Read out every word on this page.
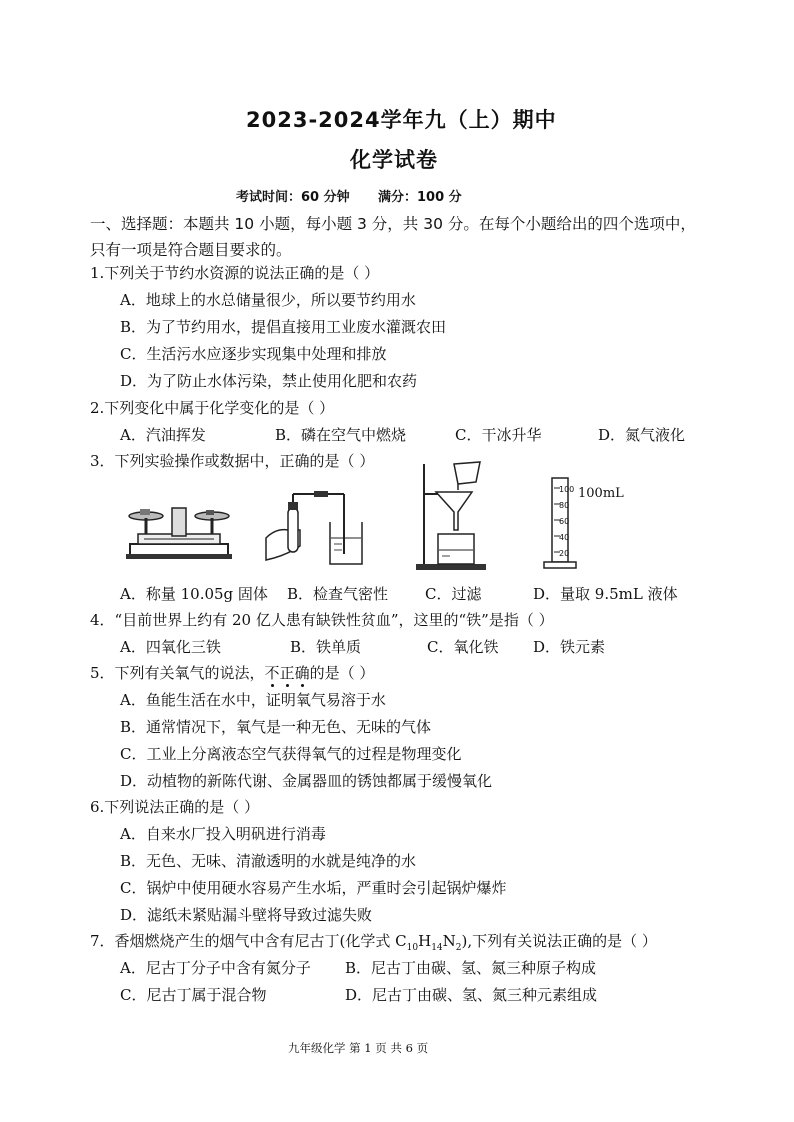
2023-2024学年九（上）期中
化学试卷
考试时间：60 分钟 满分：100 分
一、选择题：本题共 10 小题，每小题 3 分，共 30 分。在每个小题给出的四个选项中，
只有一项是符合题目要求的。
1.下列关于节约水资源的说法正确的是（ ）
A．地球上的水总储量很少，所以要节约用水
B．为了节约用水，提倡直接用工业废水灌溉农田
C．生活污水应逐步实现集中处理和排放
D．为了防止水体污染，禁止使用化肥和农药
2.下列变化中属于化学变化的是（ ）
A．汽油挥发	B．磷在空气中燃烧	C．干冰升华	D．氮气液化
3．下列实验操作或数据中，正确的是（ ）
100
80
60
40
20
100mL
A．称量 10.05g 固体 B．检查气密性 C．过滤	D．量取 9.5mL 液体
4．“目前世界上约有 20 亿人患有缺铁性贫血”，这里的“铁”是指（ ）
A．四氧化三铁	B．铁单质	C．氧化铁 D．铁元素
5．下列有关氧气的说法，不正确的是（ ）
A．鱼能生活在水中，证明氧气易溶于水
B．通常情况下，氧气是一种无色、无味的气体
C．工业上分离液态空气获得氧气的过程是物理变化
D．动植物的新陈代谢、金属器皿的锈蚀都属于缓慢氧化
6.下列说法正确的是（ ）
A．自来水厂投入明矾进行消毒
B．无色、无味、清澈透明的水就是纯净的水
C．锅炉中使用硬水容易产生水垢，严重时会引起锅炉爆炸
D．滤纸未紧贴漏斗壁将导致过滤失败
7．香烟燃烧产生的烟气中含有尼古丁(化学式 $C_{10}H_{14}N_2$),下列有关说法正确的是（ ）
A．尼古丁分子中含有氮分子 B．尼古丁由碳、氢、氮三种原子构成
C．尼古丁属于混合物	D．尼古丁由碳、氢、氮三种元素组成
九年级化学 第 1 页 共 6 页
